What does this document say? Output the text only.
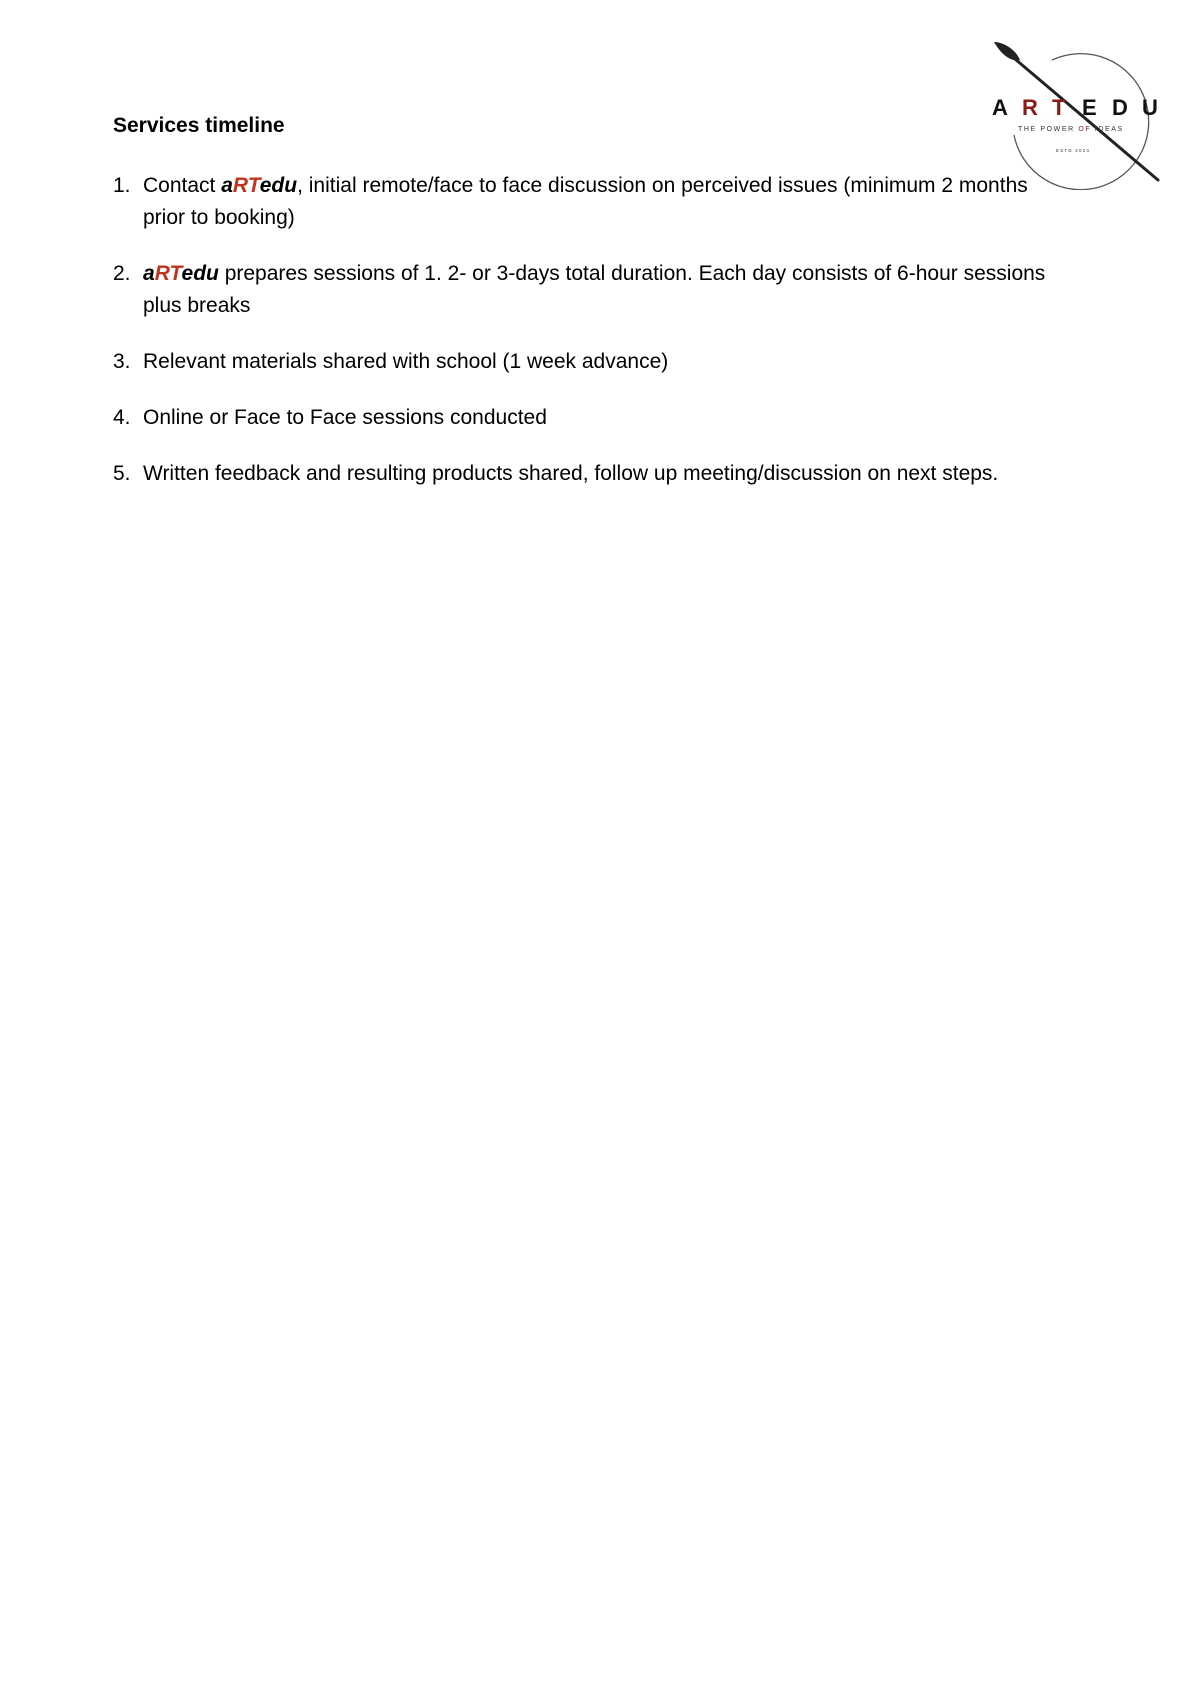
A R T E D U
THE POWER OF IDEAS
ESTD 2024
Services timeline
1. Contact aRTedu, initial remote/face to face discussion on perceived issues (minimum 2 months prior to booking)
2. aRTedu prepares sessions of 1. 2- or 3-days total duration. Each day consists of 6-hour sessions plus breaks
3. Relevant materials shared with school (1 week advance)
4. Online or Face to Face sessions conducted
5. Written feedback and resulting products shared, follow up meeting/discussion on next steps.
